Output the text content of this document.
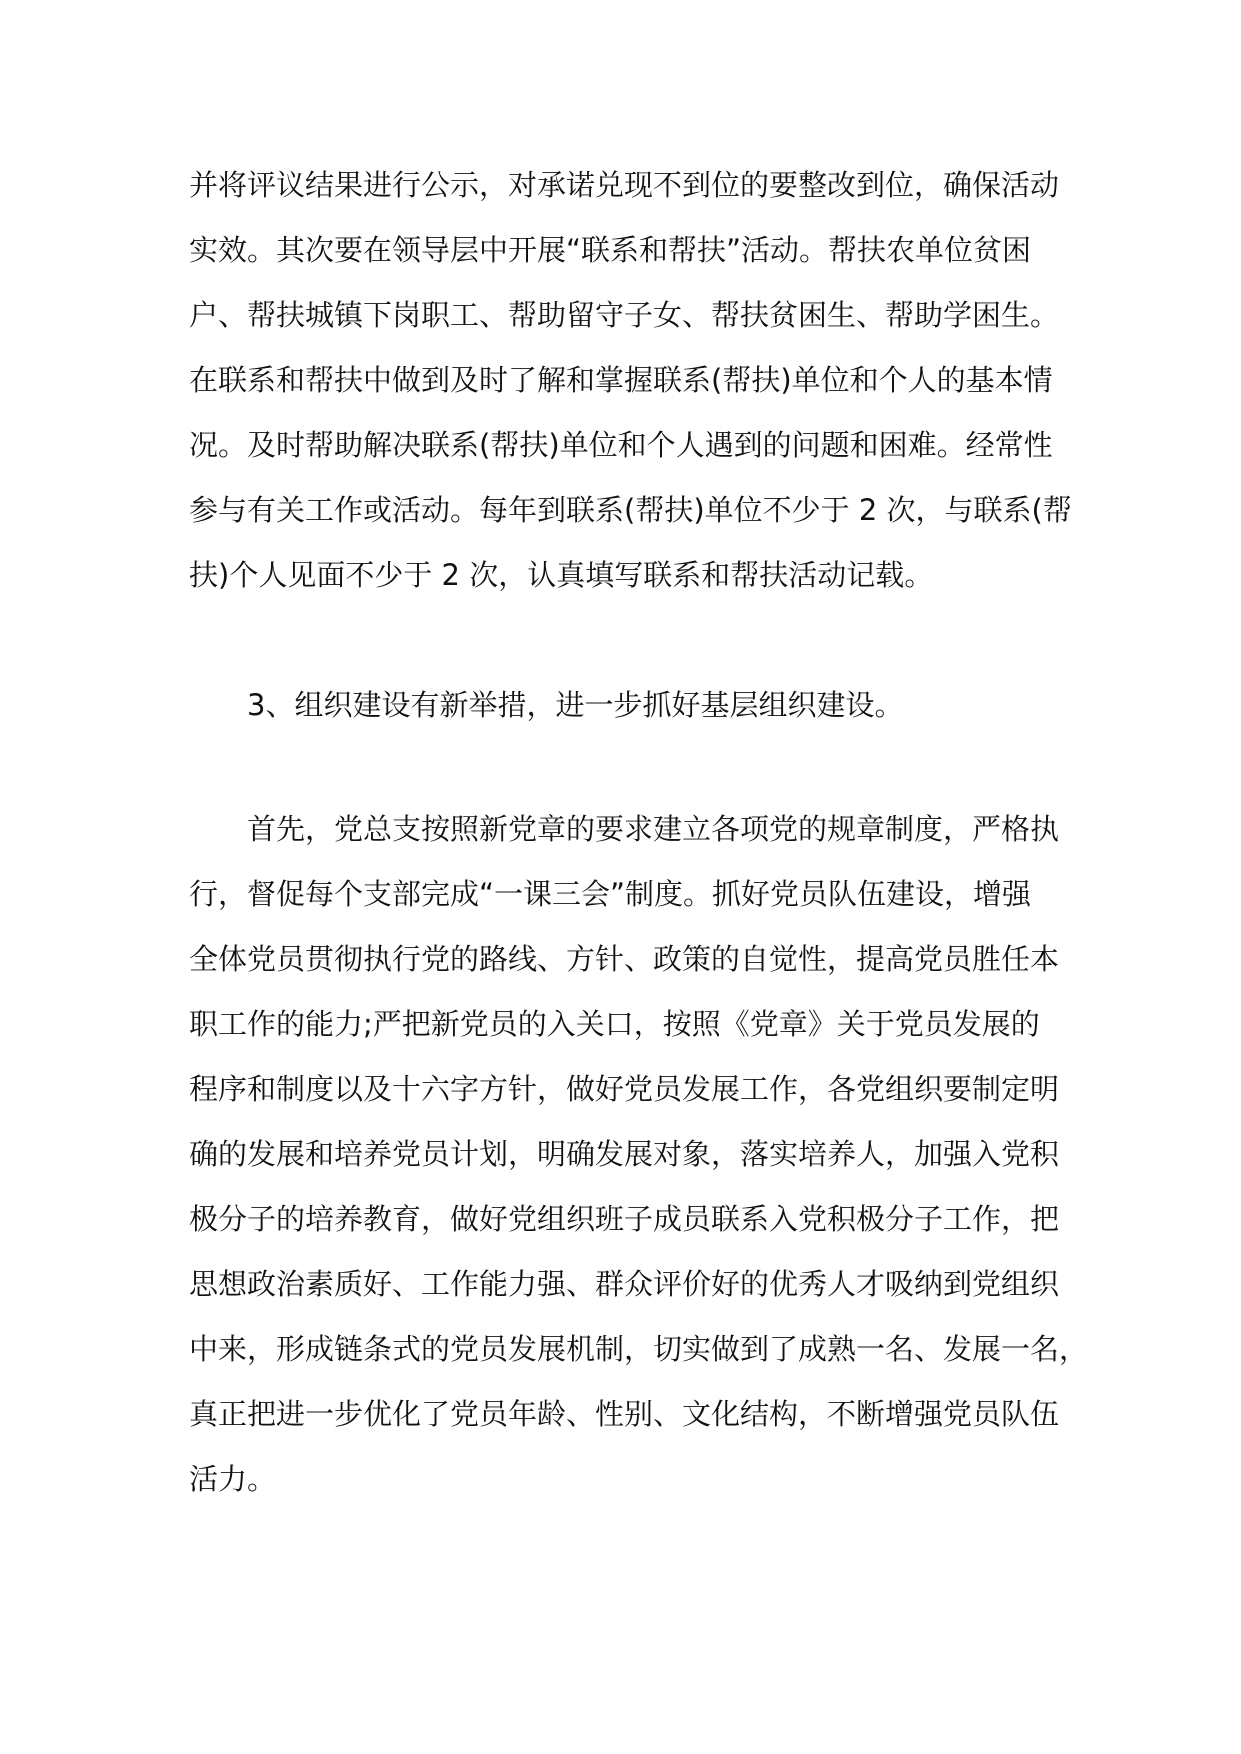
并将评议结果进行公示，对承诺兑现不到位的要整改到位，确保活动
实效。其次要在领导层中开展“联系和帮扶”活动。帮扶农单位贫困
户、帮扶城镇下岗职工、帮助留守子女、帮扶贫困生、帮助学困生。
在联系和帮扶中做到及时了解和掌握联系(帮扶)单位和个人的基本情
况。及时帮助解决联系(帮扶)单位和个人遇到的问题和困难。经常性
参与有关工作或活动。每年到联系(帮扶)单位不少于 2 次，与联系(帮
扶)个人见面不少于 2 次，认真填写联系和帮扶活动记载。
　　3、组织建设有新举措，进一步抓好基层组织建设。
　　首先，党总支按照新党章的要求建立各项党的规章制度，严格执
行，督促每个支部完成“一课三会”制度。抓好党员队伍建设，增强
全体党员贯彻执行党的路线、方针、政策的自觉性，提高党员胜任本
职工作的能力;严把新党员的入关口，按照《党章》关于党员发展的
程序和制度以及十六字方针，做好党员发展工作，各党组织要制定明
确的发展和培养党员计划，明确发展对象，落实培养人，加强入党积
极分子的培养教育，做好党组织班子成员联系入党积极分子工作，把
思想政治素质好、工作能力强、群众评价好的优秀人才吸纳到党组织
中来，形成链条式的党员发展机制，切实做到了成熟一名、发展一名，
真正把进一步优化了党员年龄、性别、文化结构，不断增强党员队伍
活力。
